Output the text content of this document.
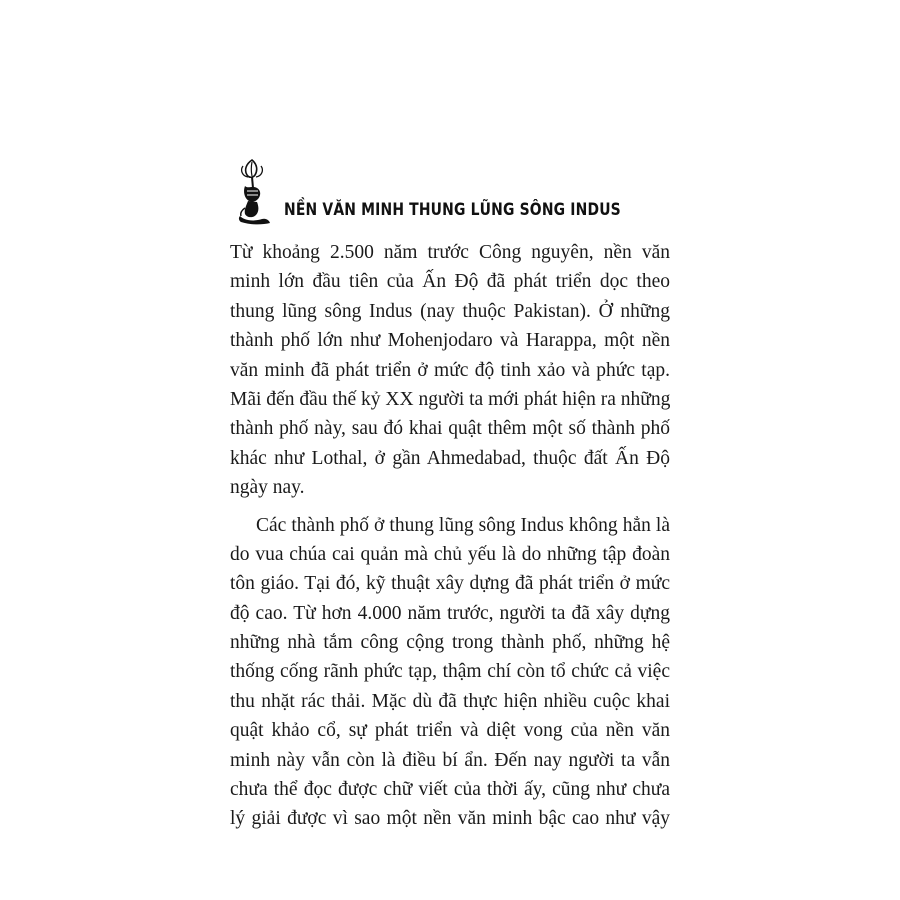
NỀN VĂN MINH THUNG LŨNG SÔNG INDUS
Từ khoảng 2.500 năm trước Công nguyên, nền văn
minh lớn đầu tiên của Ấn Độ đã phát triển dọc theo
thung lũng sông Indus (nay thuộc Pakistan). Ở những
thành phố lớn như Mohenjodaro và Harappa, một nền
văn minh đã phát triển ở mức độ tinh xảo và phức tạp.
Mãi đến đầu thế kỷ XX người ta mới phát hiện ra những
thành phố này, sau đó khai quật thêm một số thành phố
khác như Lothal, ở gần Ahmedabad, thuộc đất Ấn Độ
ngày nay.
Các thành phố ở thung lũng sông Indus không hẳn là
do vua chúa cai quản mà chủ yếu là do những tập đoàn
tôn giáo. Tại đó, kỹ thuật xây dựng đã phát triển ở mức
độ cao. Từ hơn 4.000 năm trước, người ta đã xây dựng
những nhà tắm công cộng trong thành phố, những hệ
thống cống rãnh phức tạp, thậm chí còn tổ chức cả việc
thu nhặt rác thải. Mặc dù đã thực hiện nhiều cuộc khai
quật khảo cổ, sự phát triển và diệt vong của nền văn
minh này vẫn còn là điều bí ẩn. Đến nay người ta vẫn
chưa thể đọc được chữ viết của thời ấy, cũng như chưa
lý giải được vì sao một nền văn minh bậc cao như vậy
